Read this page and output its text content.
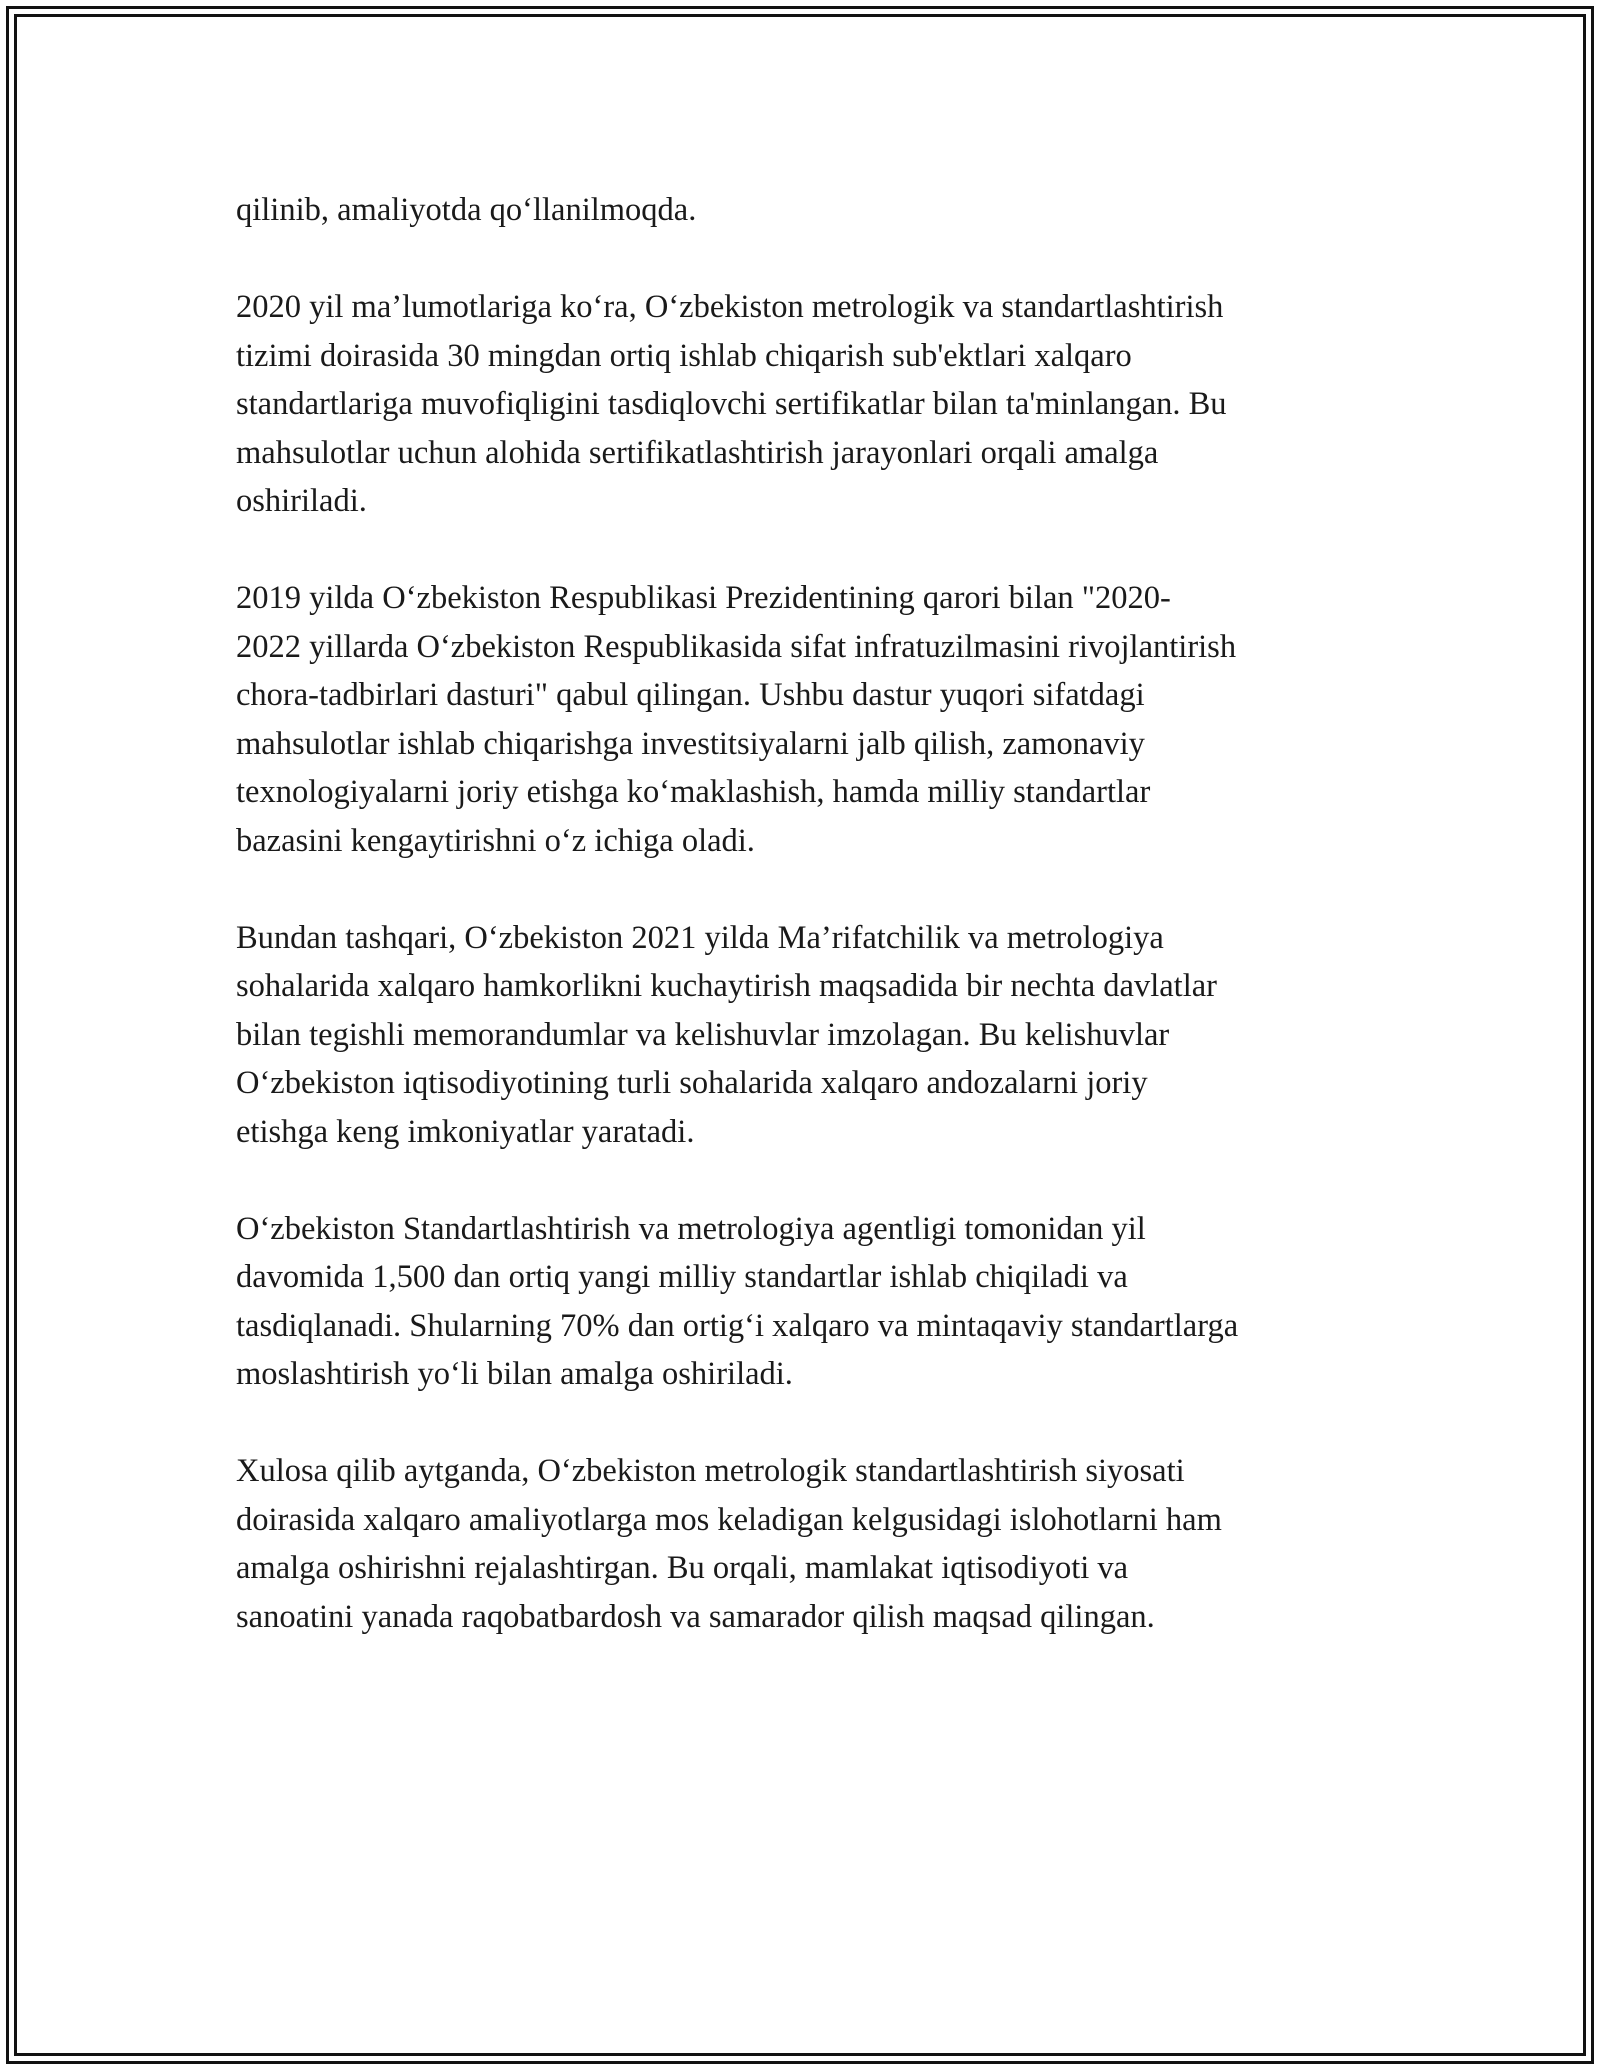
qilinib, amaliyotda qo‘llanilmoqda.

2020 yil ma’lumotlariga ko‘ra, O‘zbekiston metrologik va standartlashtirish
tizimi doirasida 30 mingdan ortiq ishlab chiqarish sub'ektlari xalqaro
standartlariga muvofiqligini tasdiqlovchi sertifikatlar bilan ta'minlangan. Bu
mahsulotlar uchun alohida sertifikatlashtirish jarayonlari orqali amalga
oshiriladi.

2019 yilda O‘zbekiston Respublikasi Prezidentining qarori bilan "2020-
2022 yillarda O‘zbekiston Respublikasida sifat infratuzilmasini rivojlantirish
chora-tadbirlari dasturi" qabul qilingan. Ushbu dastur yuqori sifatdagi
mahsulotlar ishlab chiqarishga investitsiyalarni jalb qilish, zamonaviy
texnologiyalarni joriy etishga ko‘maklashish, hamda milliy standartlar
bazasini kengaytirishni o‘z ichiga oladi.

Bundan tashqari, O‘zbekiston 2021 yilda Ma’rifatchilik va metrologiya
sohalarida xalqaro hamkorlikni kuchaytirish maqsadida bir nechta davlatlar
bilan tegishli memorandumlar va kelishuvlar imzolagan. Bu kelishuvlar
O‘zbekiston iqtisodiyotining turli sohalarida xalqaro andozalarni joriy
etishga keng imkoniyatlar yaratadi.

O‘zbekiston Standartlashtirish va metrologiya agentligi tomonidan yil
davomida 1,500 dan ortiq yangi milliy standartlar ishlab chiqiladi va
tasdiqlanadi. Shularning 70% dan ortig‘i xalqaro va mintaqaviy standartlarga
moslashtirish yo‘li bilan amalga oshiriladi.

Xulosa qilib aytganda, O‘zbekiston metrologik standartlashtirish siyosati
doirasida xalqaro amaliyotlarga mos keladigan kelgusidagi islohotlarni ham
amalga oshirishni rejalashtirgan. Bu orqali, mamlakat iqtisodiyoti va
sanoatini yanada raqobatbardosh va samarador qilish maqsad qilingan.
